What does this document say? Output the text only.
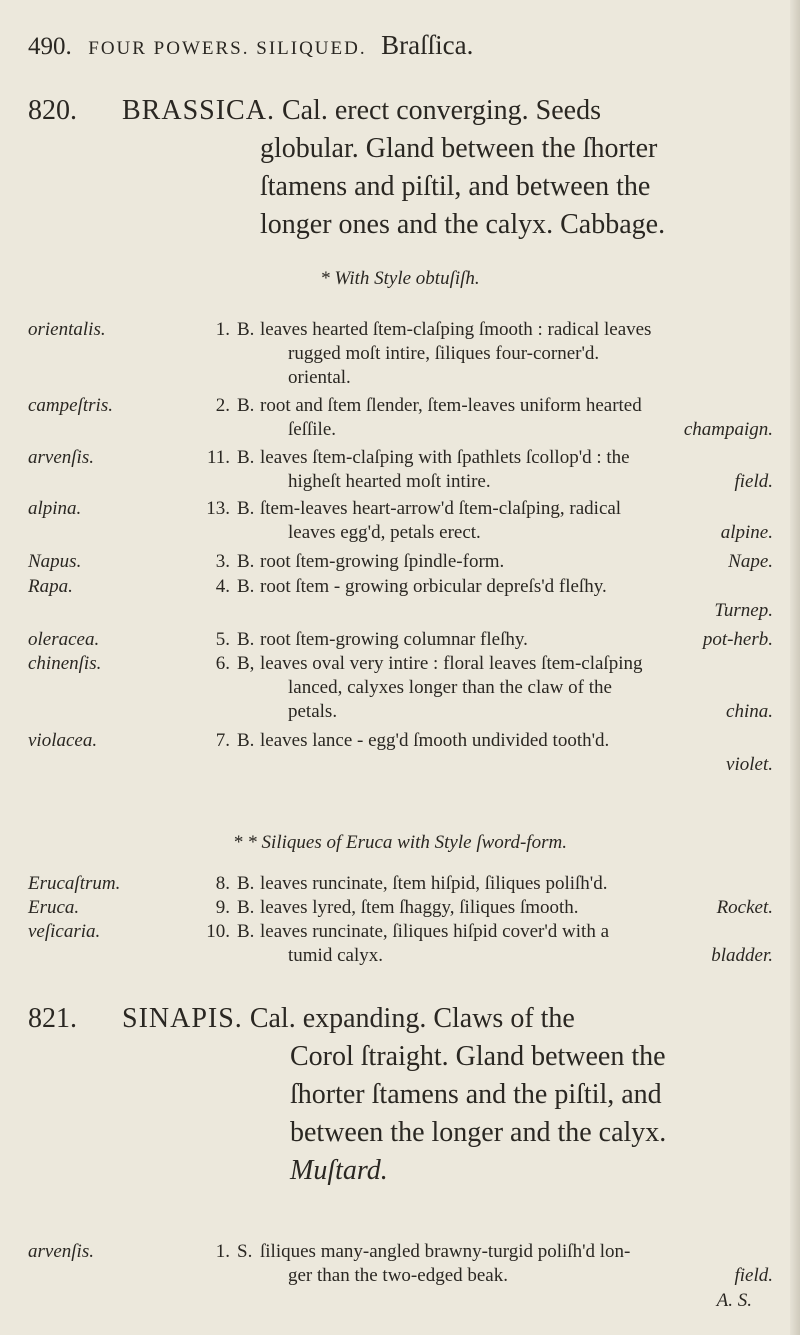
490. FOUR POWERS. SILIQUED. Braſſica.
820. BRASSICA. Cal. erect converging. Seeds
globular. Gland between the ſhorter
ſtamens and piſtil, and between the
longer ones and the calyx. Cabbage.
* With Style obtuſiſh.
orientalis.	1. B. leaves hearted ſtem-claſping ſmooth : radical leaves
rugged moſt intire, ſiliques four-corner'd.
oriental.
campeſtris.	2. B. root and ſtem ſlender, ſtem-leaves uniform hearted
ſeſſile.	champaign.
arvenſis.	11. B. leaves ſtem-claſping with ſpathlets ſcollop'd : the
higheſt hearted moſt intire.	field.
alpina.	13. B. ſtem-leaves heart-arrow'd ſtem-claſping, radical
leaves egg'd, petals erect.	alpine.
Napus.	3. B. root ſtem-growing ſpindle-form.	Nape.
Rapa.	4. B. root ſtem - growing orbicular depreſs'd fleſhy.
Turnep.
oleracea.	5. B. root ſtem-growing columnar fleſhy.	pot-herb.
chinenſis.	6. B, leaves oval very intire : floral leaves ſtem-claſping
lanced, calyxes longer than the claw of the
petals.	china.
violacea.	7. B. leaves lance - egg'd ſmooth undivided tooth'd.
violet.
* * Siliques of Eruca with Style ſword-form.
Erucaſtrum.	8. B. leaves runcinate, ſtem hiſpid, ſiliques poliſh'd.
Eruca.	9. B. leaves lyred, ſtem ſhaggy, ſiliques ſmooth.	Rocket.
veſicaria.	10. B. leaves runcinate, ſiliques hiſpid cover'd with a
tumid calyx.	bladder.
821. SINAPIS. Cal. expanding. Claws of the
Corol ſtraight. Gland between the
ſhorter ſtamens and the piſtil, and
between the longer and the calyx.
Muſtard.
arvenſis.	1. S. ſiliques many-angled brawny-turgid poliſh'd lon-
ger than the two-edged beak.	field.
A. S.
